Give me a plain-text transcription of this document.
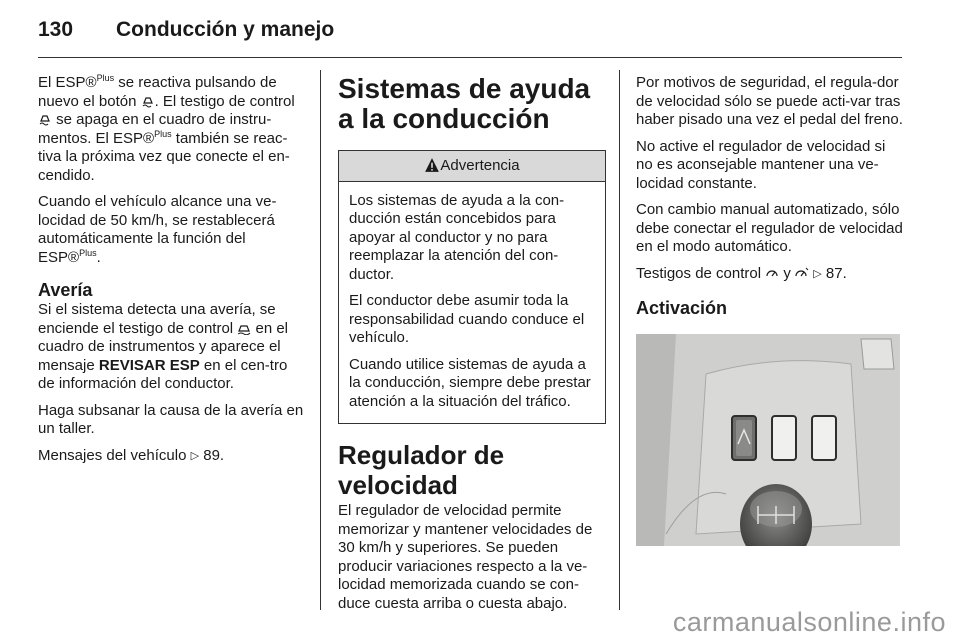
130 Conducción y manejo

El ESP®$^{Plus}$ se reactiva pulsando de nuevo el botón . El testigo de control  se apaga en el cuadro de instru-mentos. El ESP®$^{Plus}$ también se reac-tiva la próxima vez que conecte el en-cendido.

Cuando el vehículo alcance una ve-locidad de 50 km/h, se restablecerá automáticamente la función del ESP®$^{Plus}$.

Avería

Si el sistema detecta una avería, se enciende el testigo de control  en el cuadro de instrumentos y aparece el mensaje REVISAR ESP en el cen-tro de información del conductor.

Haga subsanar la causa de la avería en un taller.

Mensajes del vehículo ▷ 89.

Sistemas de ayuda a la conducción
Advertencia

Los sistemas de ayuda a la con-ducción están concebidos para apoyar al conductor y no para reemplazar la atención del con-ductor.

El conductor debe asumir toda la responsabilidad cuando conduce el vehículo.

Cuando utilice sistemas de ayuda a la conducción, siempre debe prestar atención a la situación del tráfico.

Regulador de velocidad

El regulador de velocidad permite memorizar y mantener velocidades de 30 km/h y superiores. Se pueden producir variaciones respecto a la ve-locidad memorizada cuando se con-duce cuesta arriba o cuesta abajo.

Por motivos de seguridad, el regula-dor de velocidad sólo se puede acti-var tras haber pisado una vez el pedal del freno.

No active el regulador de velocidad si no es aconsejable mantener una ve-locidad constante.

Con cambio manual automatizado, sólo debe conectar el regulador de velocidad en el modo automático.

Testigos de control  y  ▷ 87.

Activación
carmanualsonline.info
